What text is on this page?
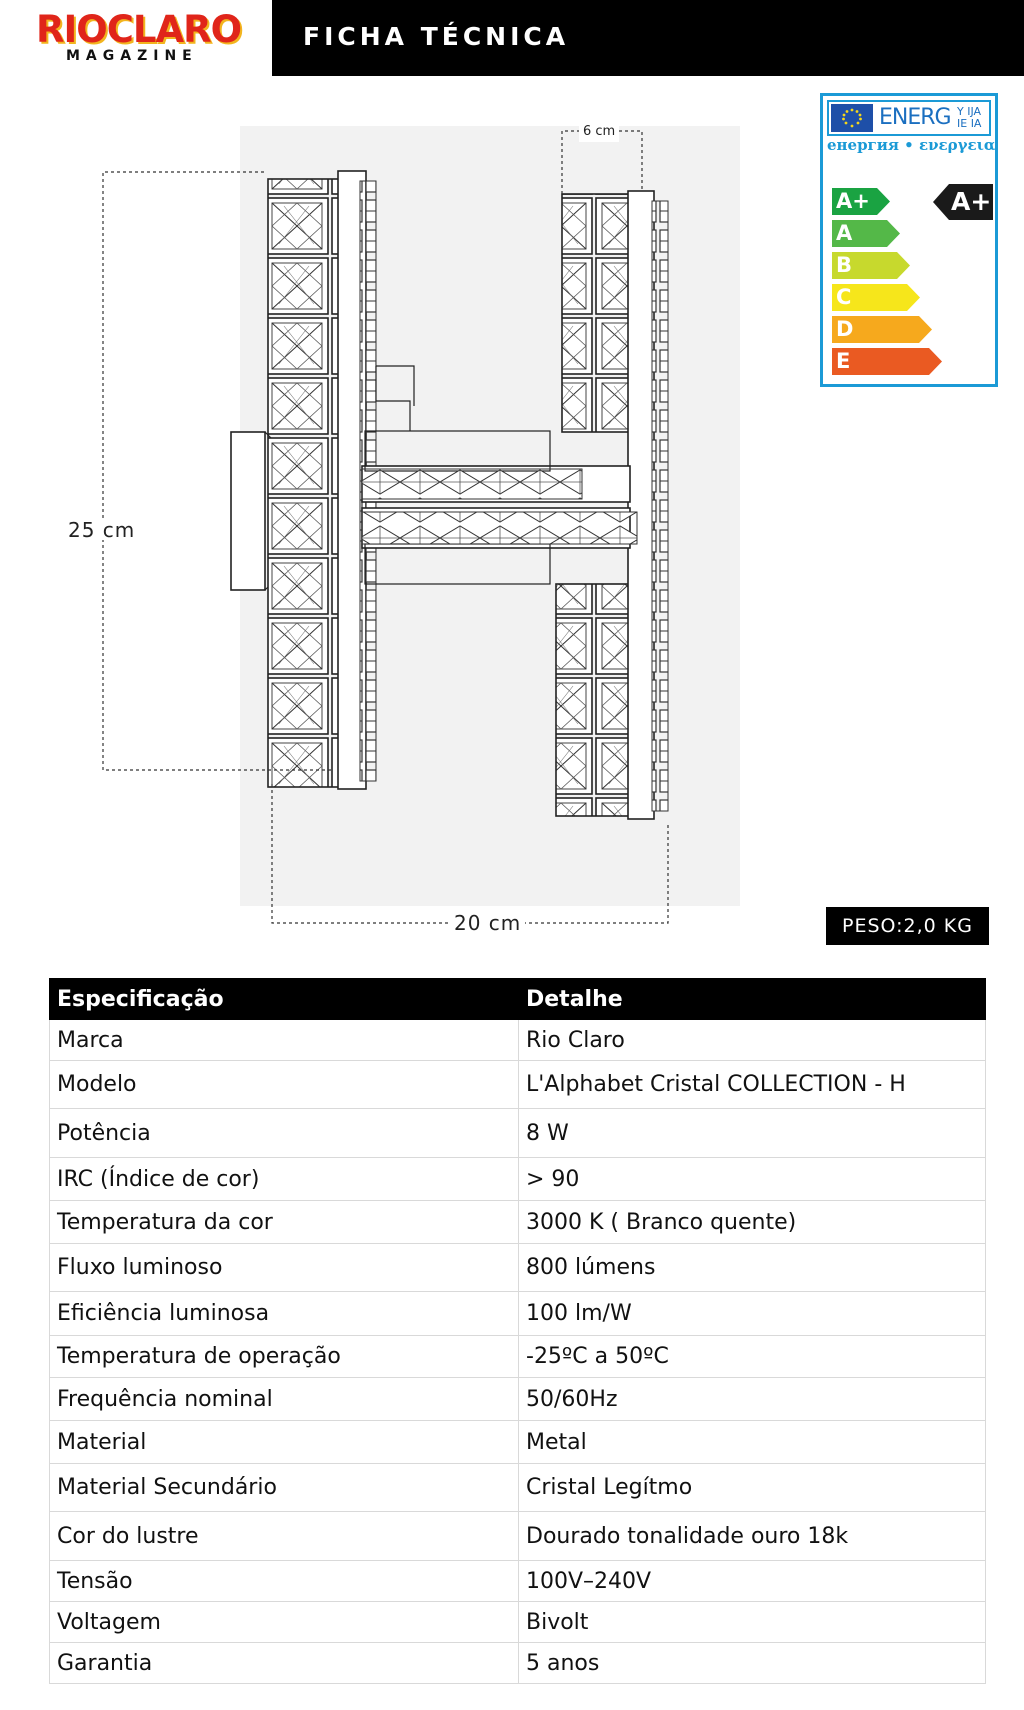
RIOCLARO
MAGAZINE
FICHA TÉCNICA
6 cm
25 cm
20 cm
ENERG Y IJA
IE IA
енергия • ενεργεια
A+
A
B
C
D
E
A+
PESO:2,0 KG
Especificação	Detalhe
Marca	Rio Claro
Modelo	L'Alphabet Cristal COLLECTION - H
Potência	8 W
IRC (Índice de cor)	> 90
Temperatura da cor	3000 K ( Branco quente)
Fluxo luminoso	800 lúmens
Eficiência luminosa	100 lm/W
Temperatura de operação	-25ºC a 50ºC
Frequência nominal	50/60Hz
Material	Metal
Material Secundário	Cristal Legítmo
Cor do lustre	Dourado tonalidade ouro 18k
Tensão	100V–240V
Voltagem	Bivolt
Garantia	5 anos
